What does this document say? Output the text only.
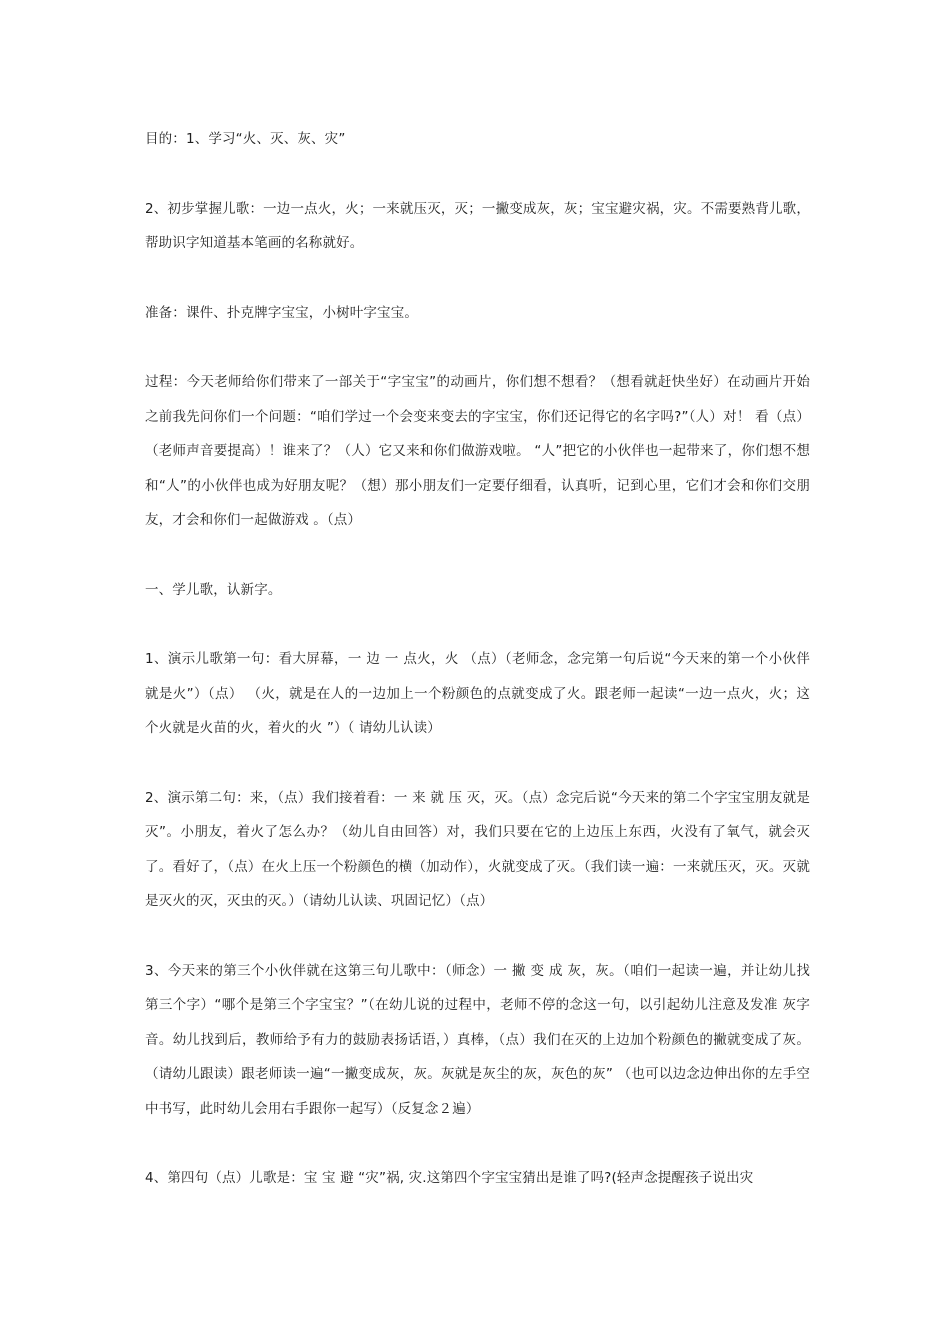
目的：1、学习“火、灭、灰、灾”

2、初步掌握儿歌：一边一点火，火；一来就压灭，灭；一撇变成灰，灰；宝宝避灾祸，灾。不需要熟背儿歌，帮助识字知道基本笔画的名称就好。

准备：课件、扑克牌字宝宝，小树叶字宝宝。

过程：今天老师给你们带来了一部关于“字宝宝”的动画片，你们想不想看？（想看就赶快坐好）在动画片开始之前我先问你们一个问题：“咱们学过一个会变来变去的字宝宝，你们还记得它的名字吗?”（人）对！ 看（点）（老师声音要提高）！谁来了？（人）它又来和你们做游戏啦。 “人”把它的小伙伴也一起带来了，你们想不想和“人”的小伙伴也成为好朋友呢？（想）那小朋友们一定要仔细看，认真听，记到心里，它们才会和你们交朋友，才会和你们一起做游戏 。（点）

一、学儿歌，认新字。

1、演示儿歌第一句：看大屏幕，一 边 一 点火，火 （点）（老师念，念完第一句后说“今天来的第一个小伙伴就是火”）（点） （火，就是在人的一边加上一个粉颜色的点就变成了火。跟老师一起读“一边一点火，火；这个火就是火苗的火，着火的火 ”）（ 请幼儿认读）

2、演示第二句：来，（点）我们接着看：一 来 就 压 灭，灭。（点）念完后说“今天来的第二个字宝宝朋友就是灭”。小朋友，着火了怎么办？（幼儿自由回答）对，我们只要在它的上边压上东西，火没有了氧气，就会灭了。看好了，（点）在火上压一个粉颜色的横（加动作），火就变成了灭。（我们读一遍：一来就压灭，灭。灭就是灭火的灭，灭虫的灭。）（请幼儿认读、巩固记忆）（点）

3、今天来的第三个小伙伴就在这第三句儿歌中：（师念）一 撇 变 成 灰，灰。（咱们一起读一遍，并让幼儿找第三个字）“哪个是第三个字宝宝？”（在幼儿说的过程中，老师不停的念这一句，以引起幼儿注意及发准 灰字音。幼儿找到后，教师给予有力的鼓励表扬话语，）真棒，（点）我们在灭的上边加个粉颜色的撇就变成了灰。（请幼儿跟读）跟老师读一遍“一撇变成灰，灰。灰就是灰尘的灰，灰色的灰” （也可以边念边伸出你的左手空中书写，此时幼儿会用右手跟你一起写）（反复念２遍）

4、第四句（点）儿歌是：宝 宝 避 “灾”祸, 灾.这第四个字宝宝猜出是谁了吗?(轻声念提醒孩子说出灾
